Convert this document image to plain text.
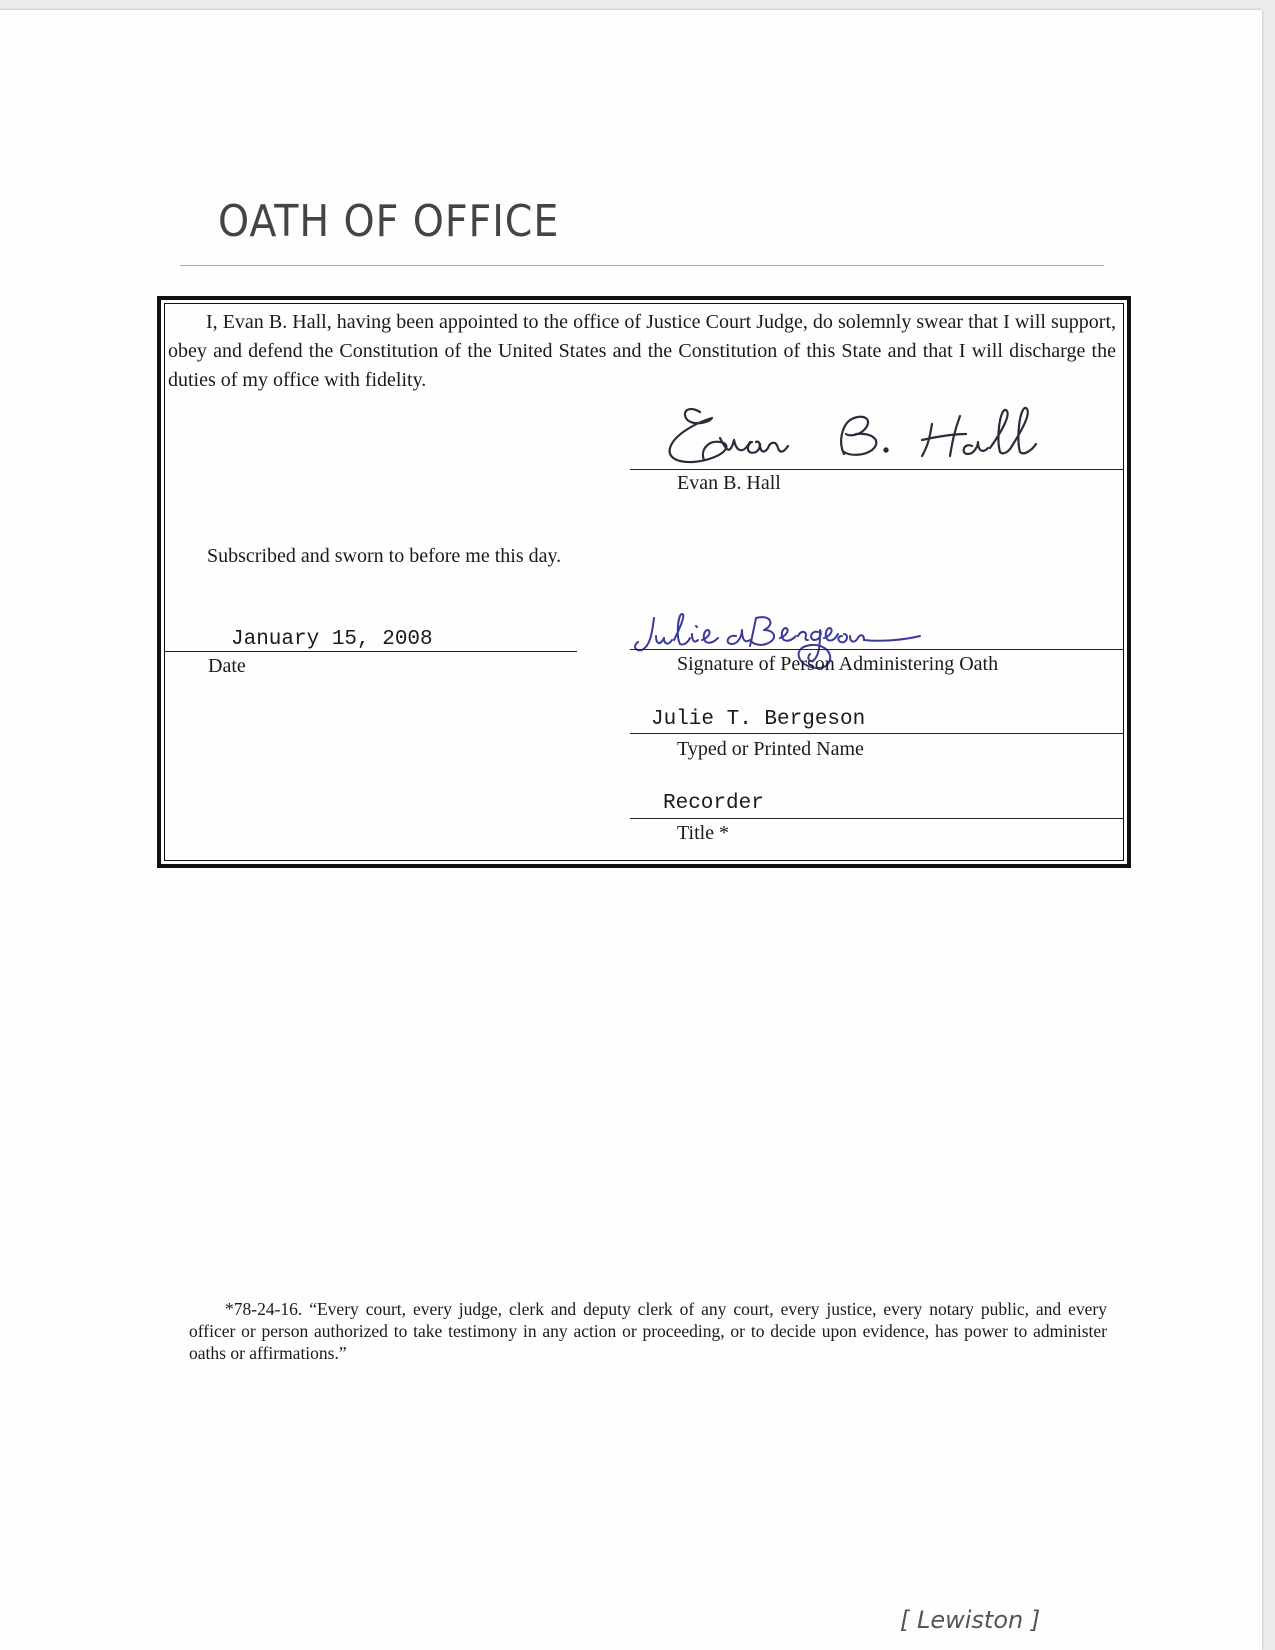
OATH OF OFFICE

I, Evan B. Hall, having been appointed to the office of Justice Court Judge, do solemnly swear that I will support, obey and defend the Constitution of the United States and the Constitution of this State and that I will discharge the duties of my office with fidelity.

Evan B. Hall
Subscribed and sworn to before me this day.
January 15, 2008
Date	Signature of Person Administering Oath
Julie T. Bergeson
Typed or Printed Name
Recorder
Title *

*78-24-16. “Every court, every judge, clerk and deputy clerk of any court, every justice, every notary public, and every officer or person authorized to take testimony in any action or proceeding, or to decide upon evidence, has power to administer oaths or affirmations.”

[ Lewiston ]
